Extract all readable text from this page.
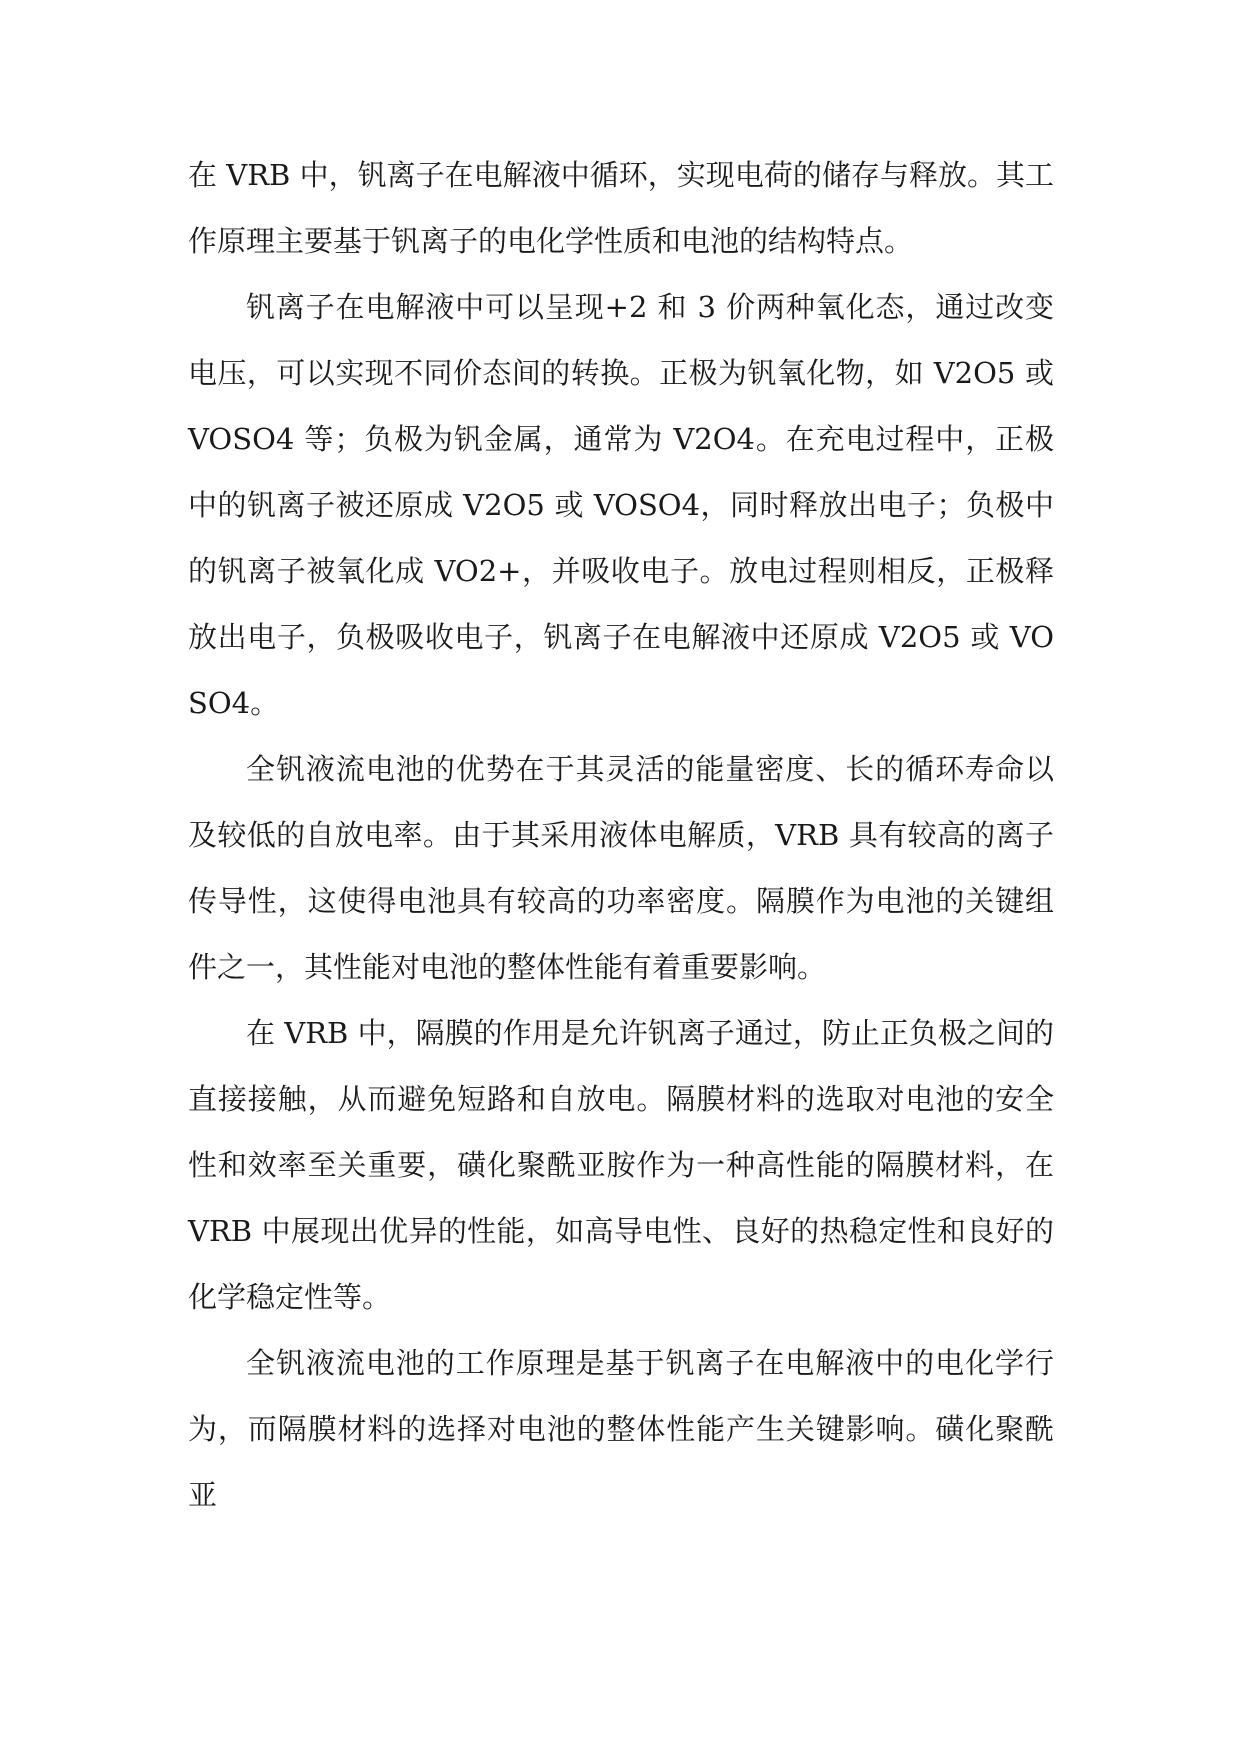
在 VRB 中，钒离子在电解液中循环，实现电荷的储存与释放。其工作原理主要基于钒离子的电化学性质和电池的结构特点。

钒离子在电解液中可以呈现+2 和 3 价两种氧化态，通过改变电压，可以实现不同价态间的转换。正极为钒氧化物，如 V2O5 或 VOSO4 等；负极为钒金属，通常为 V2O4。在充电过程中，正极中的钒离子被还原成 V2O5 或 VOSO4，同时释放出电子；负极中的钒离子被氧化成 VO2+，并吸收电子。放电过程则相反，正极释放出电子，负极吸收电子，钒离子在电解液中还原成 V2O5 或 VOSO4。

全钒液流电池的优势在于其灵活的能量密度、长的循环寿命以及较低的自放电率。由于其采用液体电解质，VRB 具有较高的离子传导性，这使得电池具有较高的功率密度。隔膜作为电池的关键组件之一，其性能对电池的整体性能有着重要影响。

在 VRB 中，隔膜的作用是允许钒离子通过，防止正负极之间的直接接触，从而避免短路和自放电。隔膜材料的选取对电池的安全性和效率至关重要，磺化聚酰亚胺作为一种高性能的隔膜材料，在 VRB 中展现出优异的性能，如高导电性、良好的热稳定性和良好的化学稳定性等。

全钒液流电池的工作原理是基于钒离子在电解液中的电化学行为，而隔膜材料的选择对电池的整体性能产生关键影响。磺化聚酰亚
